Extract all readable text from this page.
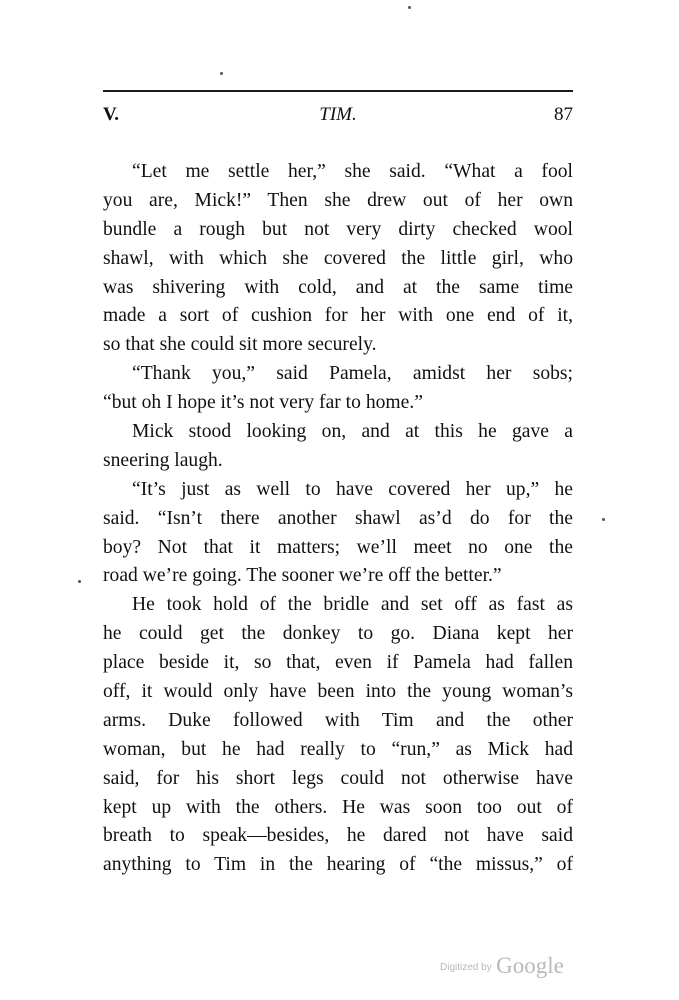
V.	TIM.	87
“Let me settle her,” she said. “What a fool
you are, Mick!” Then she drew out of her own
bundle a rough but not very dirty checked wool
shawl, with which she covered the little girl, who
was shivering with cold, and at the same time
made a sort of cushion for her with one end of it,
so that she could sit more securely.
“Thank you,” said Pamela, amidst her sobs;
“but oh I hope it’s not very far to home.”
Mick stood looking on, and at this he gave a
sneering laugh.
“It’s just as well to have covered her up,” he
said. “Isn’t there another shawl as’d do for the
boy? Not that it matters; we’ll meet no one the
road we’re going. The sooner we’re off the better.”
He took hold of the bridle and set off as fast as
he could get the donkey to go. Diana kept her
place beside it, so that, even if Pamela had fallen
off, it would only have been into the young woman’s
arms. Duke followed with Tim and the other
woman, but he had really to “run,” as Mick had
said, for his short legs could not otherwise have
kept up with the others. He was soon too out of
breath to speak—besides, he dared not have said
anything to Tim in the hearing of “the missus,” of
Digitized by Google
